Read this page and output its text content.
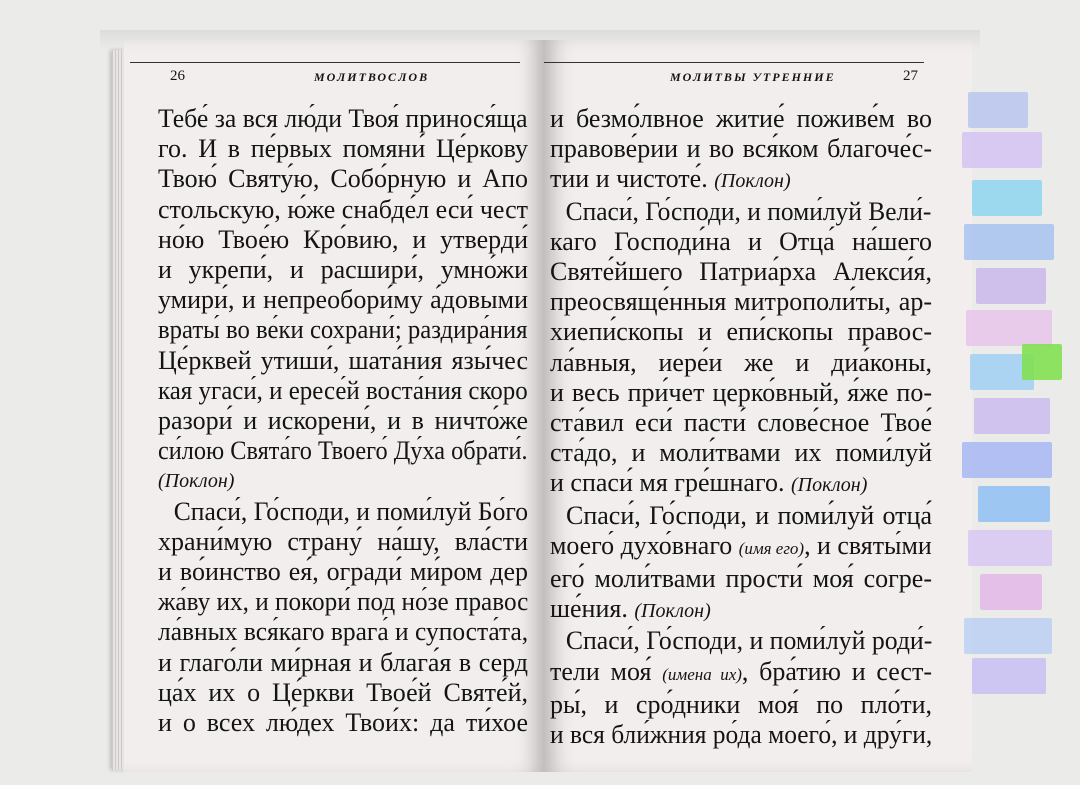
26	МОЛИТВОСЛОВ
Тебе́ за вся лю́ди Твоя́ принося́ща
го. И в пе́рвых помяни́ Це́ркову
Твою́ Святу́ю, Собо́рную и Апо
стольскую, ю́же снабде́л еси́ чест
но́ю Твое́ю Кро́вию, и утверди́
и укрепи́, и расшири́, умно́жи
умири́, и непреобори́му а́довыми
враты́ во ве́ки сохрани́; раздира́ния
Це́рквей утиши́, шата́ния язы́чес
кая угаси́, и ересе́й воста́ния скоро
разори́ и искорени́, и в ничто́же
си́лою Свята́го Твоего́ Ду́ха обрати́.
(Поклон)
Спаси́, Го́споди, и поми́луй Бо́го
храни́мую страну́ на́шу, вла́сти
и во́инство ея́, огради́ ми́ром дер
жа́ву их, и покори́ под но́зе правос
ла́вных вся́каго врага́ и супоста́та,
и глаго́ли ми́рная и блага́я в серд
ца́х их о Це́ркви Твое́й Святе́й,
и о всех лю́дех Твои́х: да ти́хое
МОЛИТВЫ УТРЕННИЕ	27
и безмо́лвное житие́ поживе́м во
правове́рии и во вся́ком благоче́с-
тии и чистоте́. (Поклон)
Спаси́, Го́споди, и поми́луй Вели́-
каго Господи́на и Отца́ на́шего
Святе́йшего Патриа́рха Алекси́я,
преосвяще́нныя митрополи́ты, ар-
хиепи́скопы и епи́скопы правос-
ла́вныя, иере́и же и диа́коны,
и весь при́чет церко́вный, я́же по-
ста́вил еси́ пасти́ слове́сное Твое́
ста́до, и моли́твами их поми́луй
и спаси́ мя гре́шнаго. (Поклон)
Спаси́, Го́споди, и поми́луй отца́
моего́ духо́внаго (имя его), и святы́ми
его́ моли́твами прости́ моя́ согре-
ше́ния. (Поклон)
Спаси́, Го́споди, и поми́луй роди́-
тели моя́ (имена их), бра́тию и сест-
ры́, и сро́дники моя́ по пло́ти,
и вся бли́жния ро́да моего́, и дру́ги,
